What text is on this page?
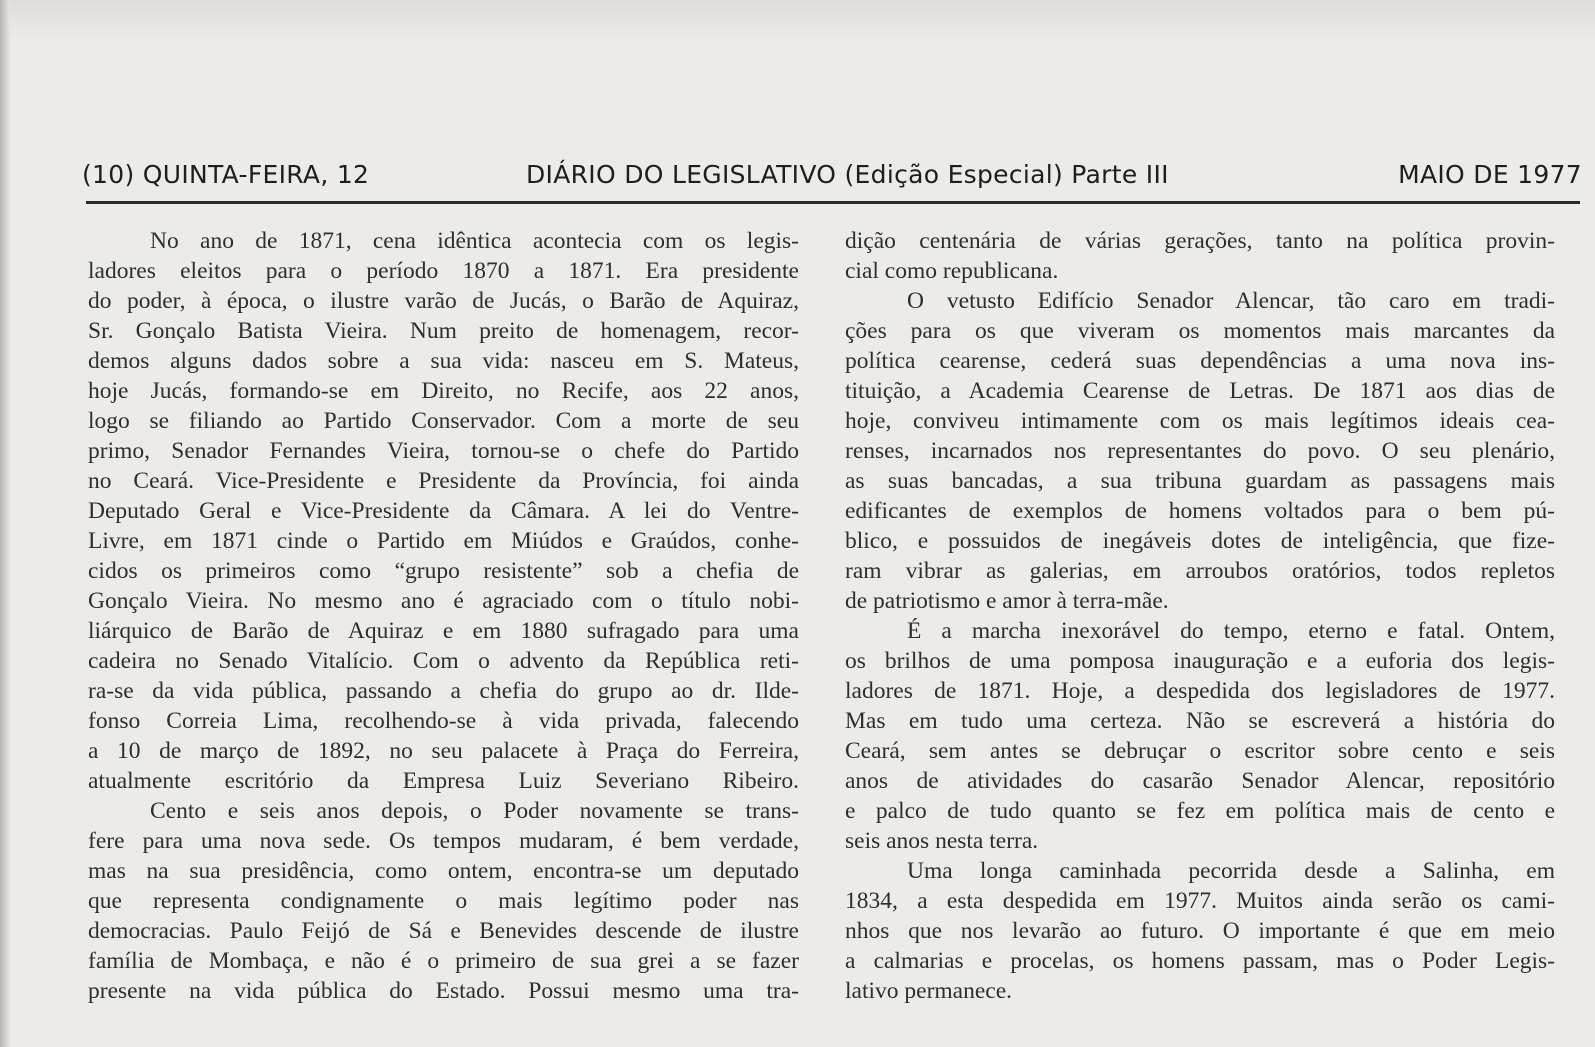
(10) QUINTA-FEIRA, 12	DIÁRIO DO LEGISLATIVO (Edição Especial) Parte III	MAIO DE 1977
No ano de 1871, cena idêntica acontecia com os legis-
ladores eleitos para o período 1870 a 1871. Era presidente
do poder, à época, o ilustre varão de Jucás, o Barão de Aquiraz,
Sr. Gonçalo Batista Vieira. Num preito de homenagem, recor-
demos alguns dados sobre a sua vida: nasceu em S. Mateus,
hoje Jucás, formando-se em Direito, no Recife, aos 22 anos,
logo se filiando ao Partido Conservador. Com a morte de seu
primo, Senador Fernandes Vieira, tornou-se o chefe do Partido
no Ceará. Vice-Presidente e Presidente da Província, foi ainda
Deputado Geral e Vice-Presidente da Câmara. A lei do Ventre-
Livre, em 1871 cinde o Partido em Miúdos e Graúdos, conhe-
cidos os primeiros como “grupo resistente” sob a chefia de
Gonçalo Vieira. No mesmo ano é agraciado com o título nobi-
liárquico de Barão de Aquiraz e em 1880 sufragado para uma
cadeira no Senado Vitalício. Com o advento da República reti-
ra-se da vida pública, passando a chefia do grupo ao dr. Ilde-
fonso Correia Lima, recolhendo-se à vida privada, falecendo
a 10 de março de 1892, no seu palacete à Praça do Ferreira,
atualmente escritório da Empresa Luiz Severiano Ribeiro.
Cento e seis anos depois, o Poder novamente se trans-
fere para uma nova sede. Os tempos mudaram, é bem verdade,
mas na sua presidência, como ontem, encontra-se um deputado
que representa condignamente o mais legítimo poder nas
democracias. Paulo Feijó de Sá e Benevides descende de ilustre
família de Mombaça, e não é o primeiro de sua grei a se fazer
presente na vida pública do Estado. Possui mesmo uma tra-
dição centenária de várias gerações, tanto na política provin-
cial como republicana.
O vetusto Edifício Senador Alencar, tão caro em tradi-
ções para os que viveram os momentos mais marcantes da
política cearense, cederá suas dependências a uma nova ins-
tituição, a Academia Cearense de Letras. De 1871 aos dias de
hoje, conviveu intimamente com os mais legítimos ideais cea-
renses, incarnados nos representantes do povo. O seu plenário,
as suas bancadas, a sua tribuna guardam as passagens mais
edificantes de exemplos de homens voltados para o bem pú-
blico, e possuidos de inegáveis dotes de inteligência, que fize-
ram vibrar as galerias, em arroubos oratórios, todos repletos
de patriotismo e amor à terra-mãe.
É a marcha inexorável do tempo, eterno e fatal. Ontem,
os brilhos de uma pomposa inauguração e a euforia dos legis-
ladores de 1871. Hoje, a despedida dos legisladores de 1977.
Mas em tudo uma certeza. Não se escreverá a história do
Ceará, sem antes se debruçar o escritor sobre cento e seis
anos de atividades do casarão Senador Alencar, repositório
e palco de tudo quanto se fez em política mais de cento e
seis anos nesta terra.
Uma longa caminhada pecorrida desde a Salinha, em
1834, a esta despedida em 1977. Muitos ainda serão os cami-
nhos que nos levarão ao futuro. O importante é que em meio
a calmarias e procelas, os homens passam, mas o Poder Legis-
lativo permanece.
